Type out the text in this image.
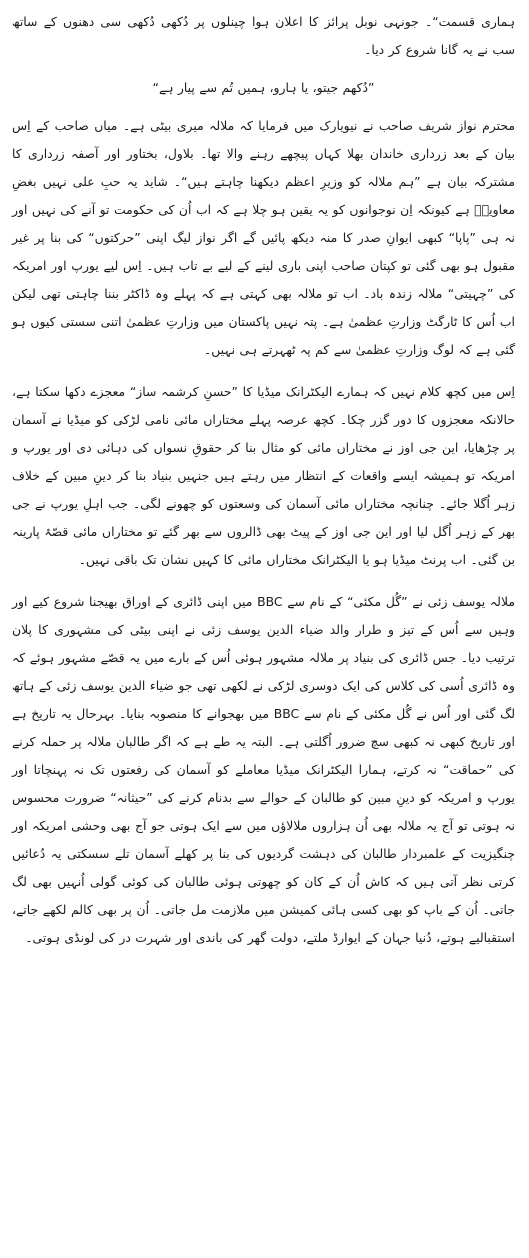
ہماری قسمت“۔ جونہی نوبل پرائز کا اعلان ہوا چینلوں پر دُکھی دُکھی سی دھنوں کے ساتھ سب نے یہ گانا شروع کر دیا۔

”دُکھم جیتو، یا ہارو، ہمیں تُم سے پیار ہے“

محترم نواز شریف صاحب نے نیویارک میں فرمایا کہ ملالہ میری بیٹی ہے۔ میاں صاحب کے اِس بیان کے بعد زرداری خاندان بھلا کہاں پیچھے رہنے والا تھا۔ بلاول، بختاور اور آصفہ زرداری کا مشترکہ بیان ہے ”ہم ملالہ کو وزیرِ اعظم دیکھنا چاہتے ہیں“۔ شاید یہ حبِ علی نہیں بغضِ معاویہؓ ہے کیونکہ اِن نوجوانوں کو یہ یقین ہو چلا ہے کہ اب اُن کی حکومت تو آنے کی نہیں اور نہ ہی ”پاپا“ کبھی ایوانِ صدر کا منہ دیکھ پائیں گے اگر نواز لیگ اپنی ”حرکتوں“ کی بنا پر غیر مقبول ہو بھی گئی تو کپتان صاحب اپنی باری لینے کے لیے بے تاب ہیں۔ اِس لیے یورپ اور امریکہ کی ”چہیتی“ ملالہ زندہ باد۔ اب تو ملالہ بھی کہتی ہے کہ پہلے وہ ڈاکٹر بننا چاہتی تھی لیکن اب اُس کا ٹارگٹ وزارتِ عظمیٰ ہے۔ پتہ نہیں پاکستان میں وزارتِ عظمیٰ اتنی سستی کیوں ہو گئی ہے کہ لوگ وزارتِ عظمیٰ سے کم پہ ٹھہرتے ہی نہیں۔

اِس میں کچھ کلام نہیں کہ ہمارے الیکٹرانک میڈیا کا ”حسنِ کرشمہ ساز“ معجزے دکھا سکتا ہے، حالانکہ معجزوں کا دور گزر چکا۔ کچھ عرصہ پہلے مختاراں مائی نامی لڑکی کو میڈیا نے آسمان پر چڑھایا، این جی اوز نے مختاراں مائی کو مثال بنا کر حقوقِ نسواں کی دہائی دی اور یورپ و امریکہ تو ہمیشہ ایسے واقعات کے انتظار میں رہتے ہیں جنہیں بنیاد بنا کر دینِ مبین کے خلاف زہر اُگلا جائے۔ چنانچہ مختاراں مائی آسمان کی وسعتوں کو چھونے لگی۔ جب اہلِ یورپ نے جی بھر کے زہر اُگل لیا اور این جی اوز کے پیٹ بھی ڈالروں سے بھر گئے تو مختاراں مائی قصّۂ پارینہ بن گئی۔ اب پرنٹ میڈیا ہو یا الیکٹرانک مختاراں مائی کا کہیں نشان تک باقی نہیں۔

ملالہ یوسف زئی نے ”گُل مکئی“ کے نام سے BBC میں اپنی ڈائری کے اوراق بھیجنا شروع کیے اور وہیں سے اُس کے تیز و طرار والد ضیاء الدین یوسف زئی نے اپنی بیٹی کی مشہوری کا پلان ترتیب دیا۔ جس ڈائری کی بنیاد پر ملالہ مشہور ہوئی اُس کے بارے میں یہ قصّے مشہور ہوئے کہ وہ ڈائری اُسی کی کلاس کی ایک دوسری لڑکی نے لکھی تھی جو ضیاء الدین یوسف زئی کے ہاتھ لگ گئی اور اُس نے گُل مکئی کے نام سے BBC میں بھجوانے کا منصوبہ بنایا۔ بہرحال یہ تاریخ ہے اور تاریخ کبھی نہ کبھی سچ ضرور اُگلتی ہے۔ البتہ یہ طے ہے کہ اگر طالبان ملالہ پر حملہ کرنے کی ”حماقت“ نہ کرتے، ہمارا الیکٹرانک میڈیا معاملے کو آسمان کی رفعتوں تک نہ پہنچاتا اور یورپ و امریکہ کو دینِ مبین کو طالبان کے حوالے سے بدنام کرنے کی ”حیثانہ“ ضرورت محسوس نہ ہوتی تو آج یہ ملالہ بھی اُن ہزاروں ملالاؤں میں سے ایک ہوتی جو آج بھی وحشی امریکہ اور چنگیزیت کے علمبردار طالبان کی دہشت گردیوں کی بنا پر کھلے آسمان تلے سسکتی یہ دُعائیں کرتی نظر آتی ہیں کہ کاش اُن کے کان کو چھوتی ہوئی طالبان کی کوئی گولی اُنہیں بھی لگ جاتی۔ اُن کے باپ کو بھی کسی ہائی کمیشن میں ملازمت مل جاتی۔ اُن پر بھی کالم لکھے جاتے، استقبالیے ہوتے، دُنیا جہان کے ایوارڈ ملتے، دولت گھر کی باندی اور شہرت در کی لونڈی ہوتی۔
